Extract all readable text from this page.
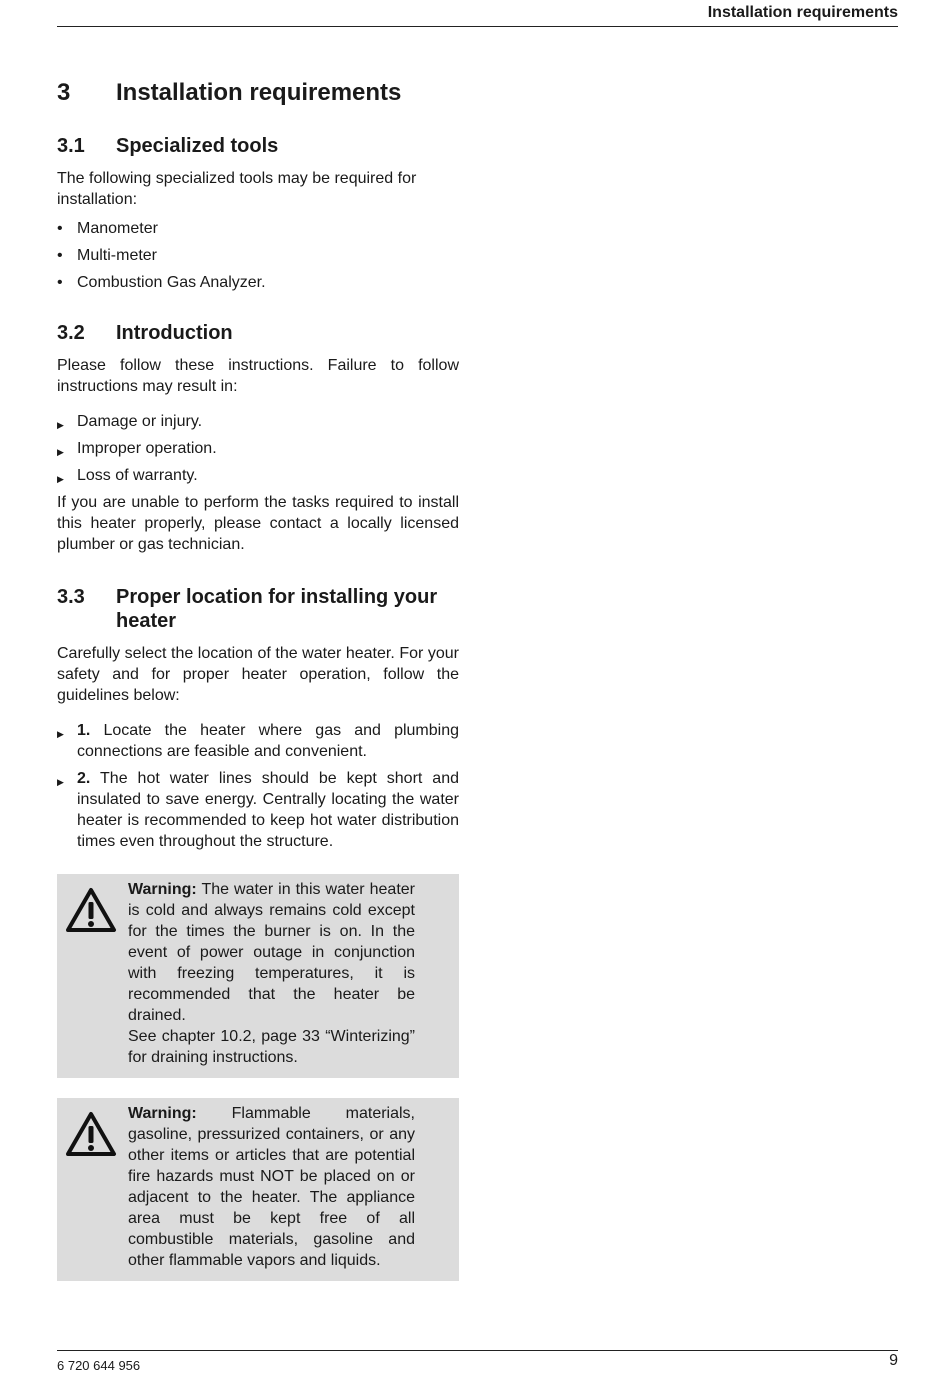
Installation requirements
3	Installation requirements
3.1	Specialized tools

The following specialized tools may be required for installation:

• Manometer
• Multi-meter
• Combustion Gas Analyzer.
3.2	Introduction

Please follow these instructions. Failure to follow instructions may result in:

▶ Damage or injury.
▶ Improper operation.
▶ Loss of warranty.

If you are unable to perform the tasks required to install this heater properly, please contact a locally licensed plumber or gas technician.

3.3	Proper location for installing your heater

Carefully select the location of the water heater. For your safety and for proper heater operation, follow the guidelines below:

▶ 1. Locate the heater where gas and plumbing connections are feasible and convenient.
▶ 2. The hot water lines should be kept short and insulated to save energy. Centrally locating the water heater is recommended to keep hot water distribution times even throughout the structure.
Warning: The water in this water heater is cold and always remains cold except for the times the burner is on. In the event of power outage in conjunction with freezing temperatures, it is recommended that the heater be drained.
See chapter 10.2, page 33 “Winterizing” for draining instructions.
Warning: Flammable materials, gasoline, pressurized containers, or any other items or articles that are potential fire hazards must NOT be placed on or adjacent to the heater. The appliance area must be kept free of all combustible materials, gasoline and other flammable vapors and liquids.
6 720 644 956	9
